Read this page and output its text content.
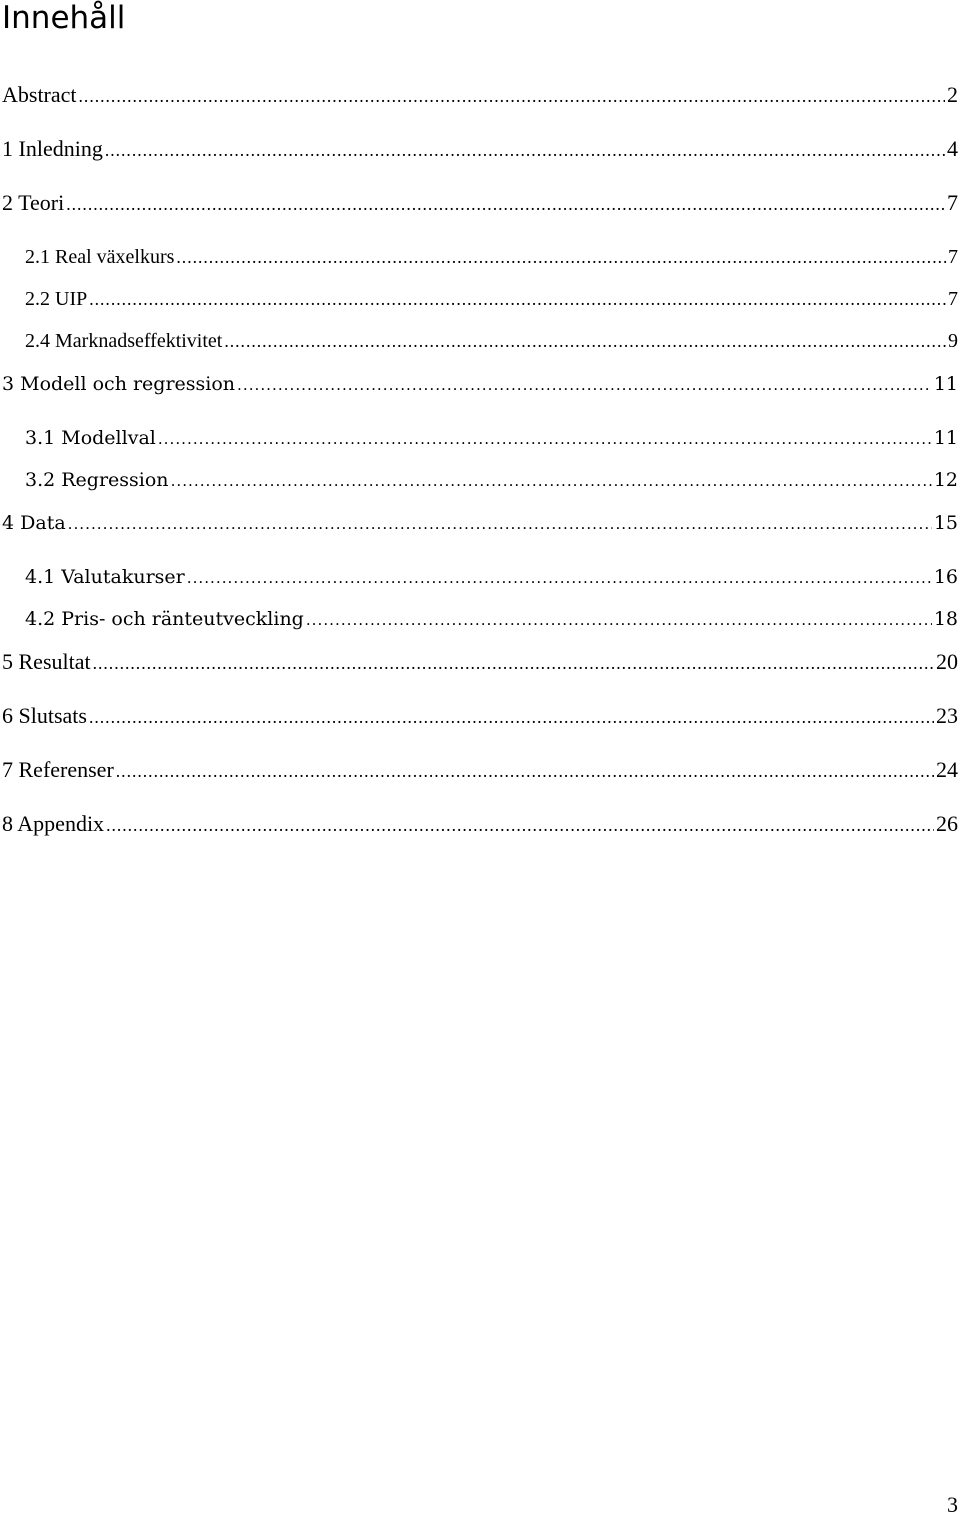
Innehåll
Abstract .....	2
1 Inledning .....	4
2 Teori .....	7
2.1 Real växelkurs .....	7
2.2 UIP .....	7
2.4 Marknadseffektivitet .....	9
3 Modell och regression .....	11
3.1 Modellval .....	11
3.2 Regression .....	12
4 Data .....	15
4.1 Valutakurser .....	16
4.2 Pris- och ränteutveckling .....	18
5 Resultat .....	20
6 Slutsats .....	23
7 Referenser .....	24
8 Appendix .....	26
3
